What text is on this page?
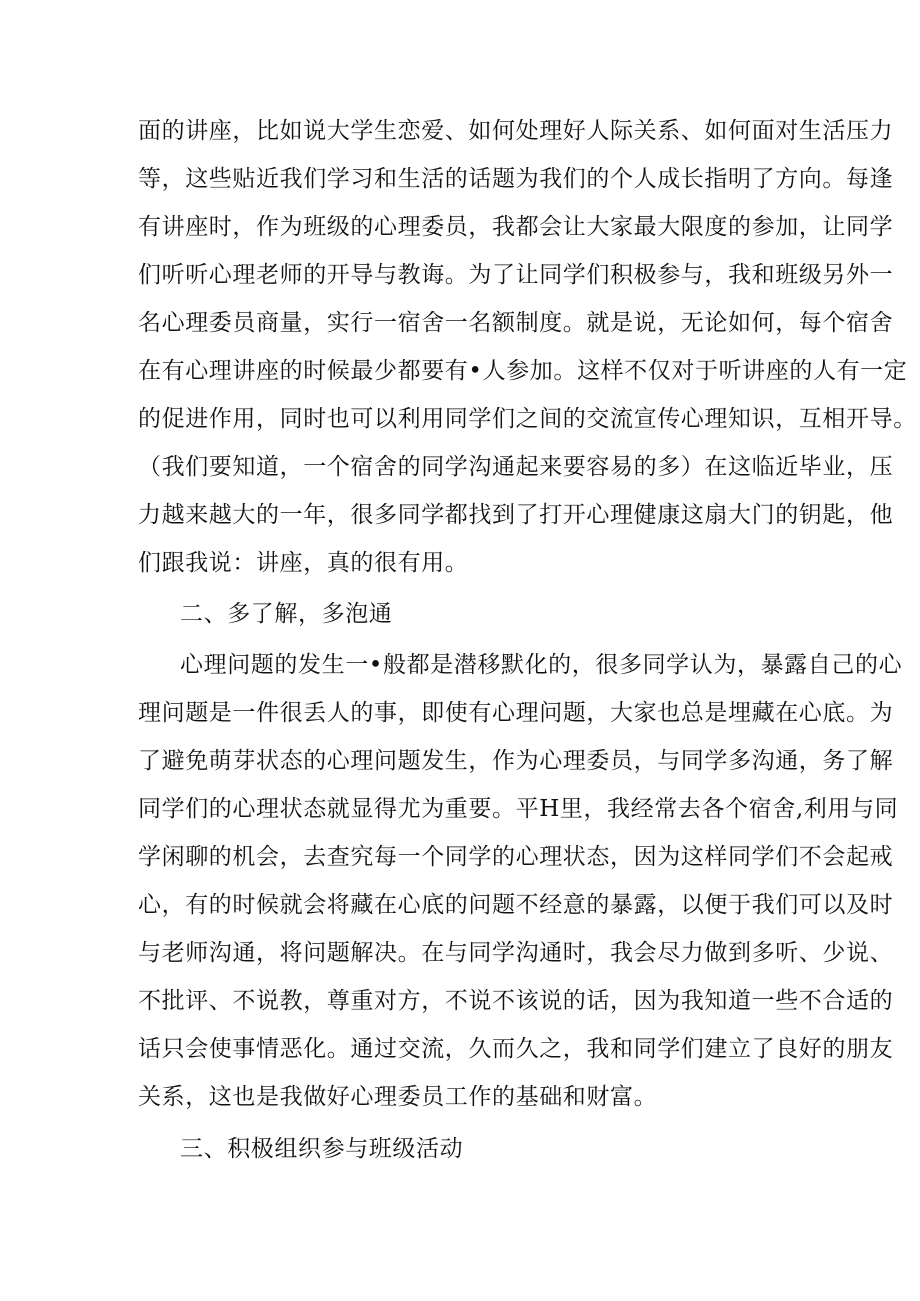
面的讲座，比如说大学生恋爱、如何处理好人际关系、如何面对生活压力
等，这些贴近我们学习和生活的话题为我们的个人成长指明了方向。每逢
有讲座时，作为班级的心理委员，我都会让大家最大限度的参加，让同学
们听听心理老师的开导与教诲。为了让同学们积极参与，我和班级另外一
名心理委员商量，实行一宿舍一名额制度。就是说，无论如何，每个宿舍
在有心理讲座的时候最少都要有•人参加。这样不仅对于听讲座的人有一定
的促进作用，同时也可以利用同学们之间的交流宣传心理知识，互相开导。
（我们要知道，一个宿舍的同学沟通起来要容易的多）在这临近毕业，压
力越来越大的一年，很多同学都找到了打开心理健康这扇大门的钥匙，他
们跟我说：讲座，真的很有用。
二、多了解，多泡通
心理问题的发生一•般都是潜移默化的，很多同学认为，暴露自己的心
理问题是一件很丢人的事，即使有心理问题，大家也总是埋藏在心底。为
了避免萌芽状态的心理问题发生，作为心理委员，与同学多沟通，务了解
同学们的心理状态就显得尤为重要。平H里，我经常去各个宿舍,利用与同
学闲聊的机会，去查究每一个同学的心理状态，因为这样同学们不会起戒
心，有的时候就会将藏在心底的问题不经意的暴露，以便于我们可以及时
与老师沟通，将问题解决。在与同学沟通时，我会尽力做到多听、少说、
不批评、不说教，尊重对方，不说不该说的话，因为我知道一些不合适的
话只会使事情恶化。通过交流，久而久之，我和同学们建立了良好的朋友
关系，这也是我做好心理委员工作的基础和财富。
三、积极组织参与班级活动
